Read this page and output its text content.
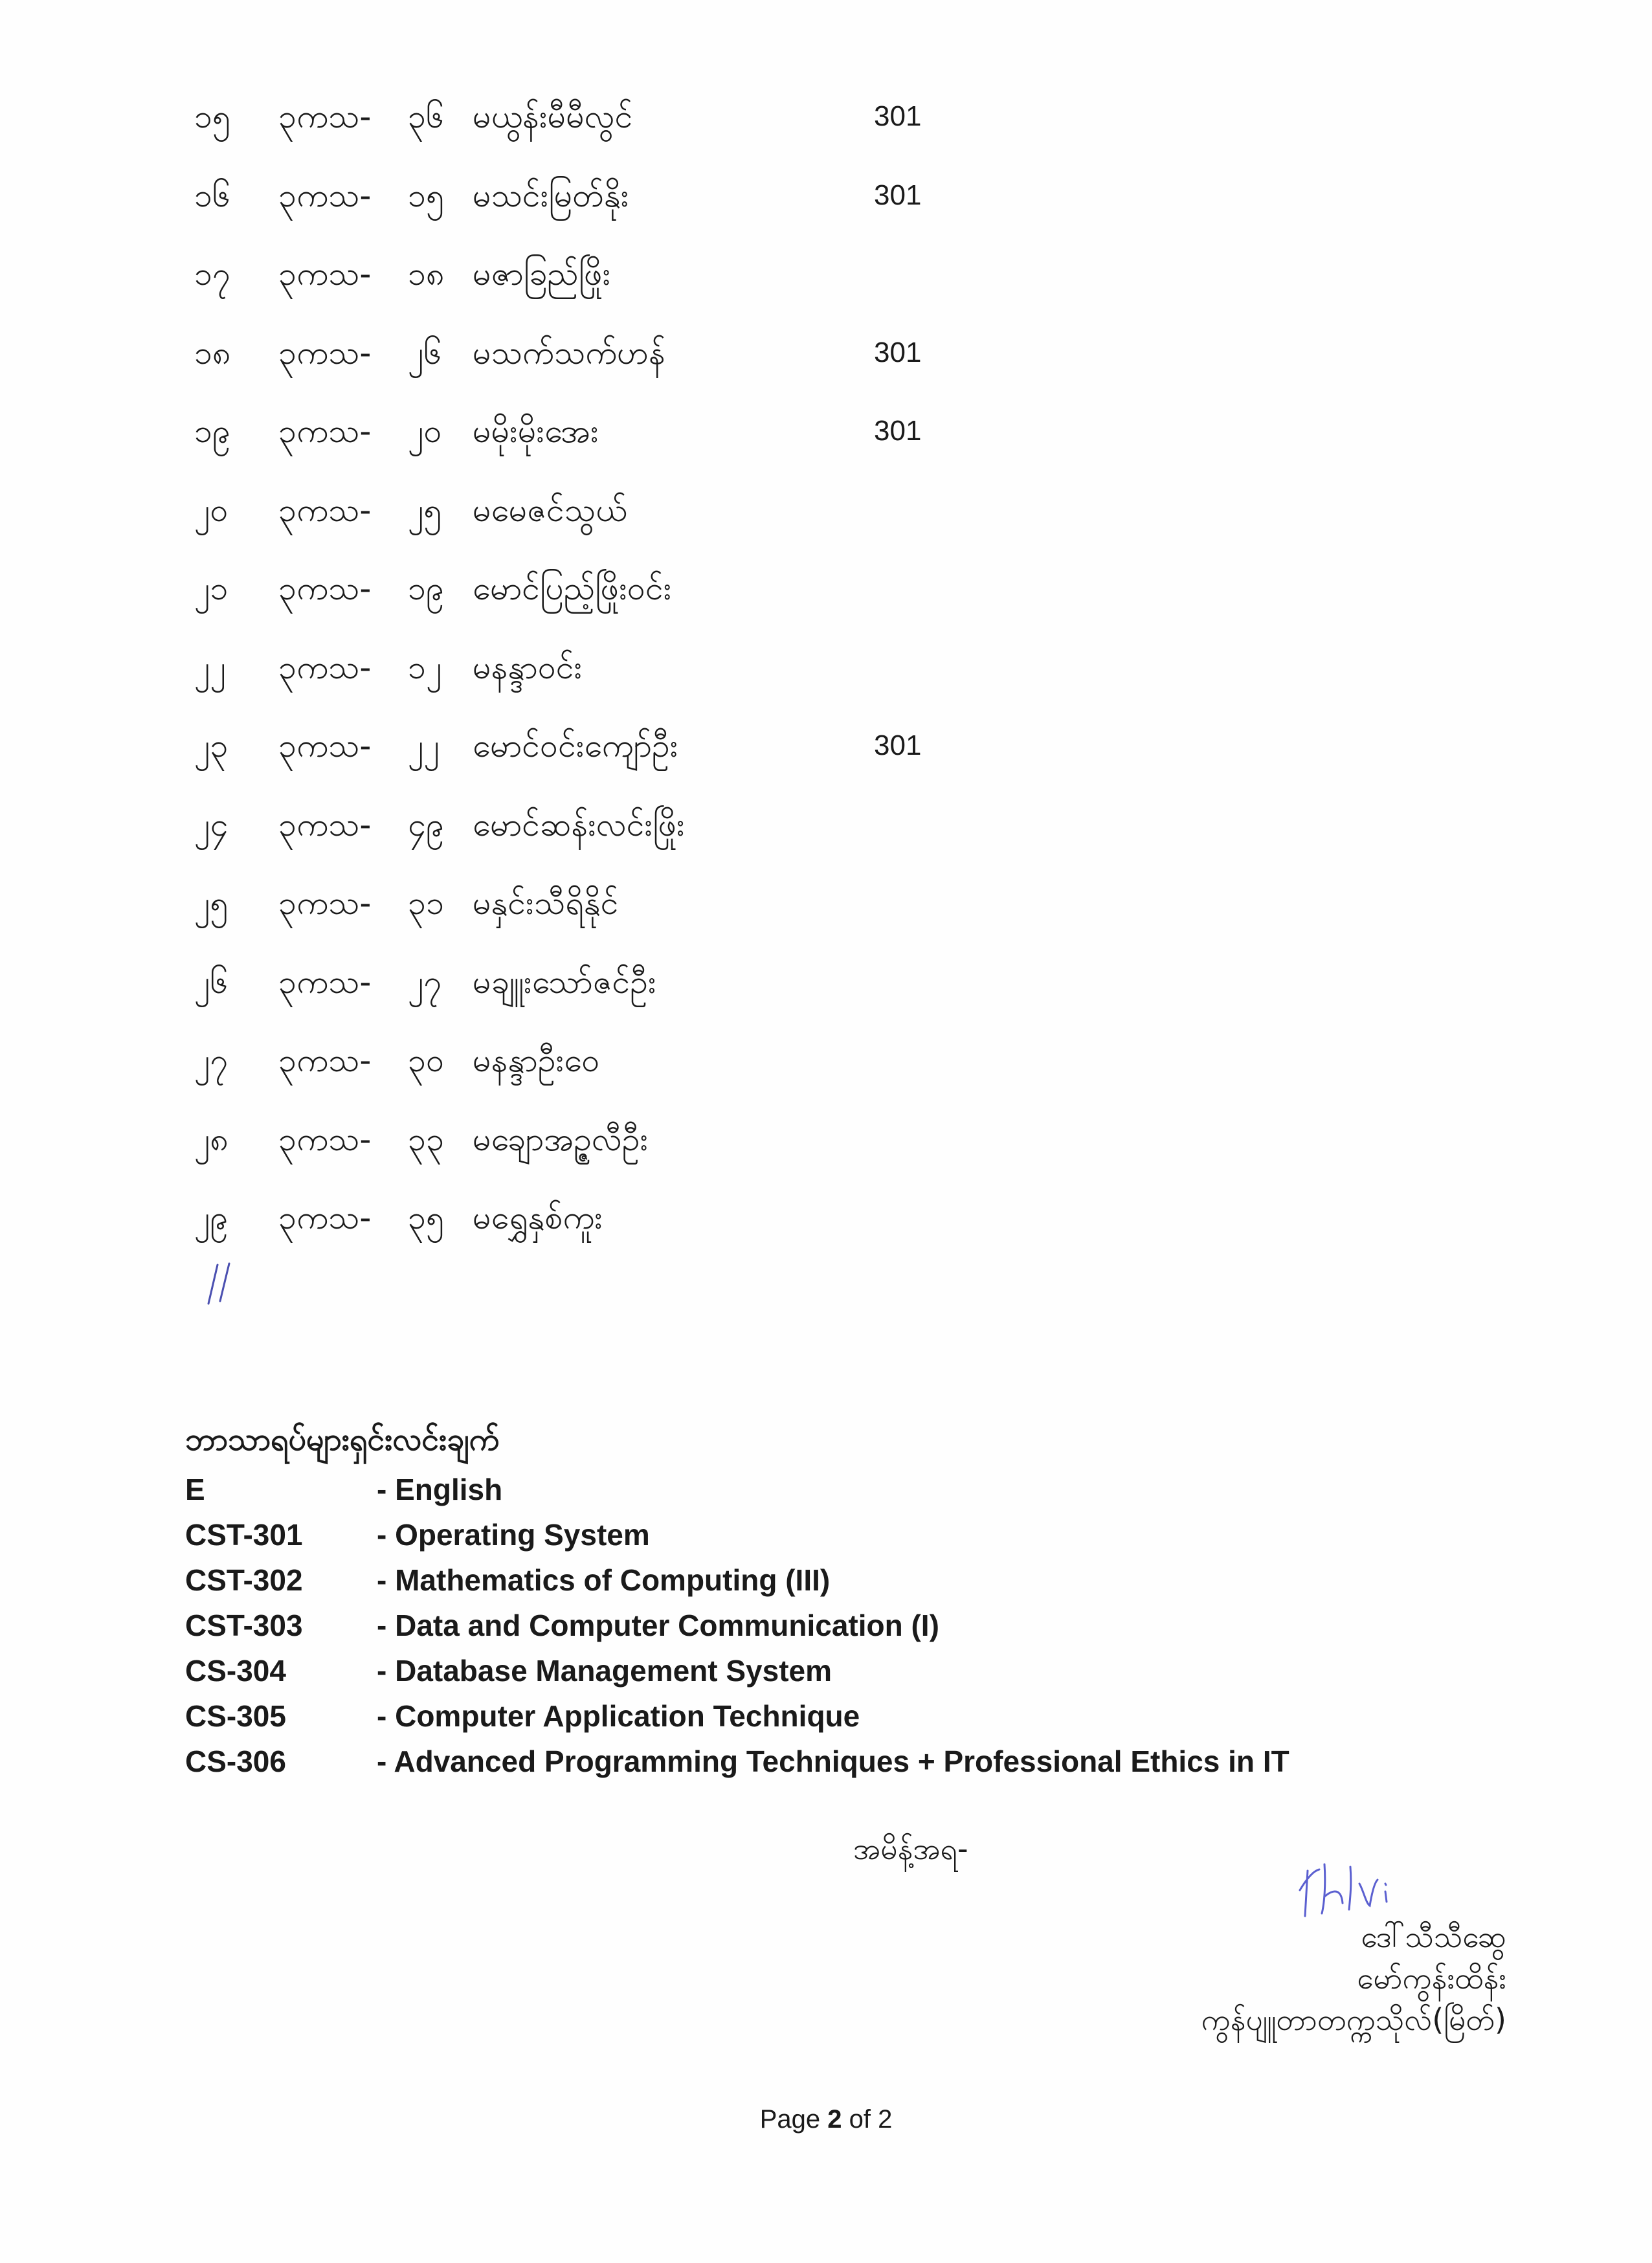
၁၅ ၃ကသ- ၃၆ မယွန်းမီမီလွင်	301
၁၆ ၃ကသ- ၁၅ မသင်းမြတ်နိုး	301
၁၇ ၃ကသ- ၁၈ မဇာခြည်ဖြိုး
၁၈ ၃ကသ- ၂၆ မသက်သက်ဟန်	301
၁၉ ၃ကသ- ၂၀ မမိုးမိုးအေး	301
၂၀ ၃ကသ- ၂၅ မမေဇင်သွယ်
၂၁ ၃ကသ- ၁၉ မောင်ပြည့်ဖြိုးဝင်း
၂၂ ၃ကသ- ၁၂ မနန္ဒာဝင်း
၂၃ ၃ကသ- ၂၂ မောင်ဝင်းကျော်ဦး	301
၂၄ ၃ကသ- ၄၉ မောင်ဆန်းလင်းဖြိုး
၂၅ ၃ကသ- ၃၁ မနှင်းသီရိနိုင်
၂၆ ၃ကသ- ၂၇ မချူးသော်ဇင်ဦး
၂၇ ၃ကသ- ၃၀ မနန္ဒာဦးဝေ
၂၈ ၃ကသ- ၃၃ မချောအဥ္ဇလီဦး
၂၉ ၃ကသ- ၃၅ မရွှေနှစ်ကူး
ဘာသာရပ်များရှင်းလင်းချက်
E	- English
CST-301 - Operating System
CST-302 - Mathematics of Computing (III)
CST-303 - Data and Computer Communication (I)
CS-304	- Database Management System
CS-305	- Computer Application Technique
CS-306	- Advanced Programming Techniques + Professional Ethics in IT
အမိန့်အရ-
ဒေါ်သီသီဆွေ
မော်ကွန်းထိန်း
ကွန်ပျူတာတက္ကသိုလ်(မြိတ်)
Page 2 of 2
